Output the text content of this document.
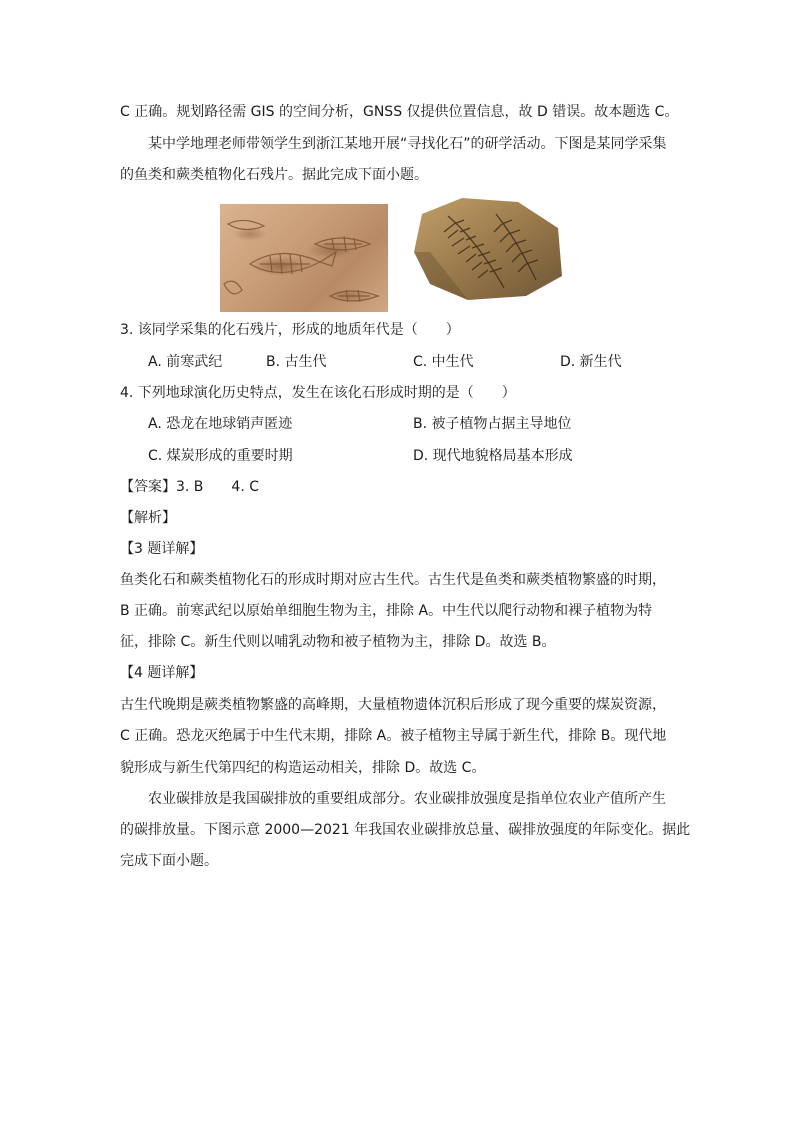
C 正确。规划路径需 GIS 的空间分析，GNSS 仅提供位置信息，故 D 错误。故本题选 C。
某中学地理老师带领学生到浙江某地开展“寻找化石”的研学活动。下图是某同学采集
的鱼类和蕨类植物化石残片。据此完成下面小题。
3. 该同学采集的化石残片，形成的地质年代是（　　）
A. 前寒武纪	B. 古生代	C. 中生代	D. 新生代
4. 下列地球演化历史特点，发生在该化石形成时期的是（　　）
A. 恐龙在地球销声匿迹	B. 被子植物占据主导地位
C. 煤炭形成的重要时期	D. 现代地貌格局基本形成
【答案】3. B　　4. C
【解析】
【3 题详解】
鱼类化石和蕨类植物化石的形成时期对应古生代。古生代是鱼类和蕨类植物繁盛的时期，
B 正确。前寒武纪以原始单细胞生物为主，排除 A。中生代以爬行动物和裸子植物为特
征，排除 C。新生代则以哺乳动物和被子植物为主，排除 D。故选 B。
【4 题详解】
古生代晚期是蕨类植物繁盛的高峰期，大量植物遗体沉积后形成了现今重要的煤炭资源，
C 正确。恐龙灭绝属于中生代末期，排除 A。被子植物主导属于新生代，排除 B。现代地
貌形成与新生代第四纪的构造运动相关，排除 D。故选 C。
农业碳排放是我国碳排放的重要组成部分。农业碳排放强度是指单位农业产值所产生
的碳排放量。下图示意 2000—2021 年我国农业碳排放总量、碳排放强度的年际变化。据此
完成下面小题。
